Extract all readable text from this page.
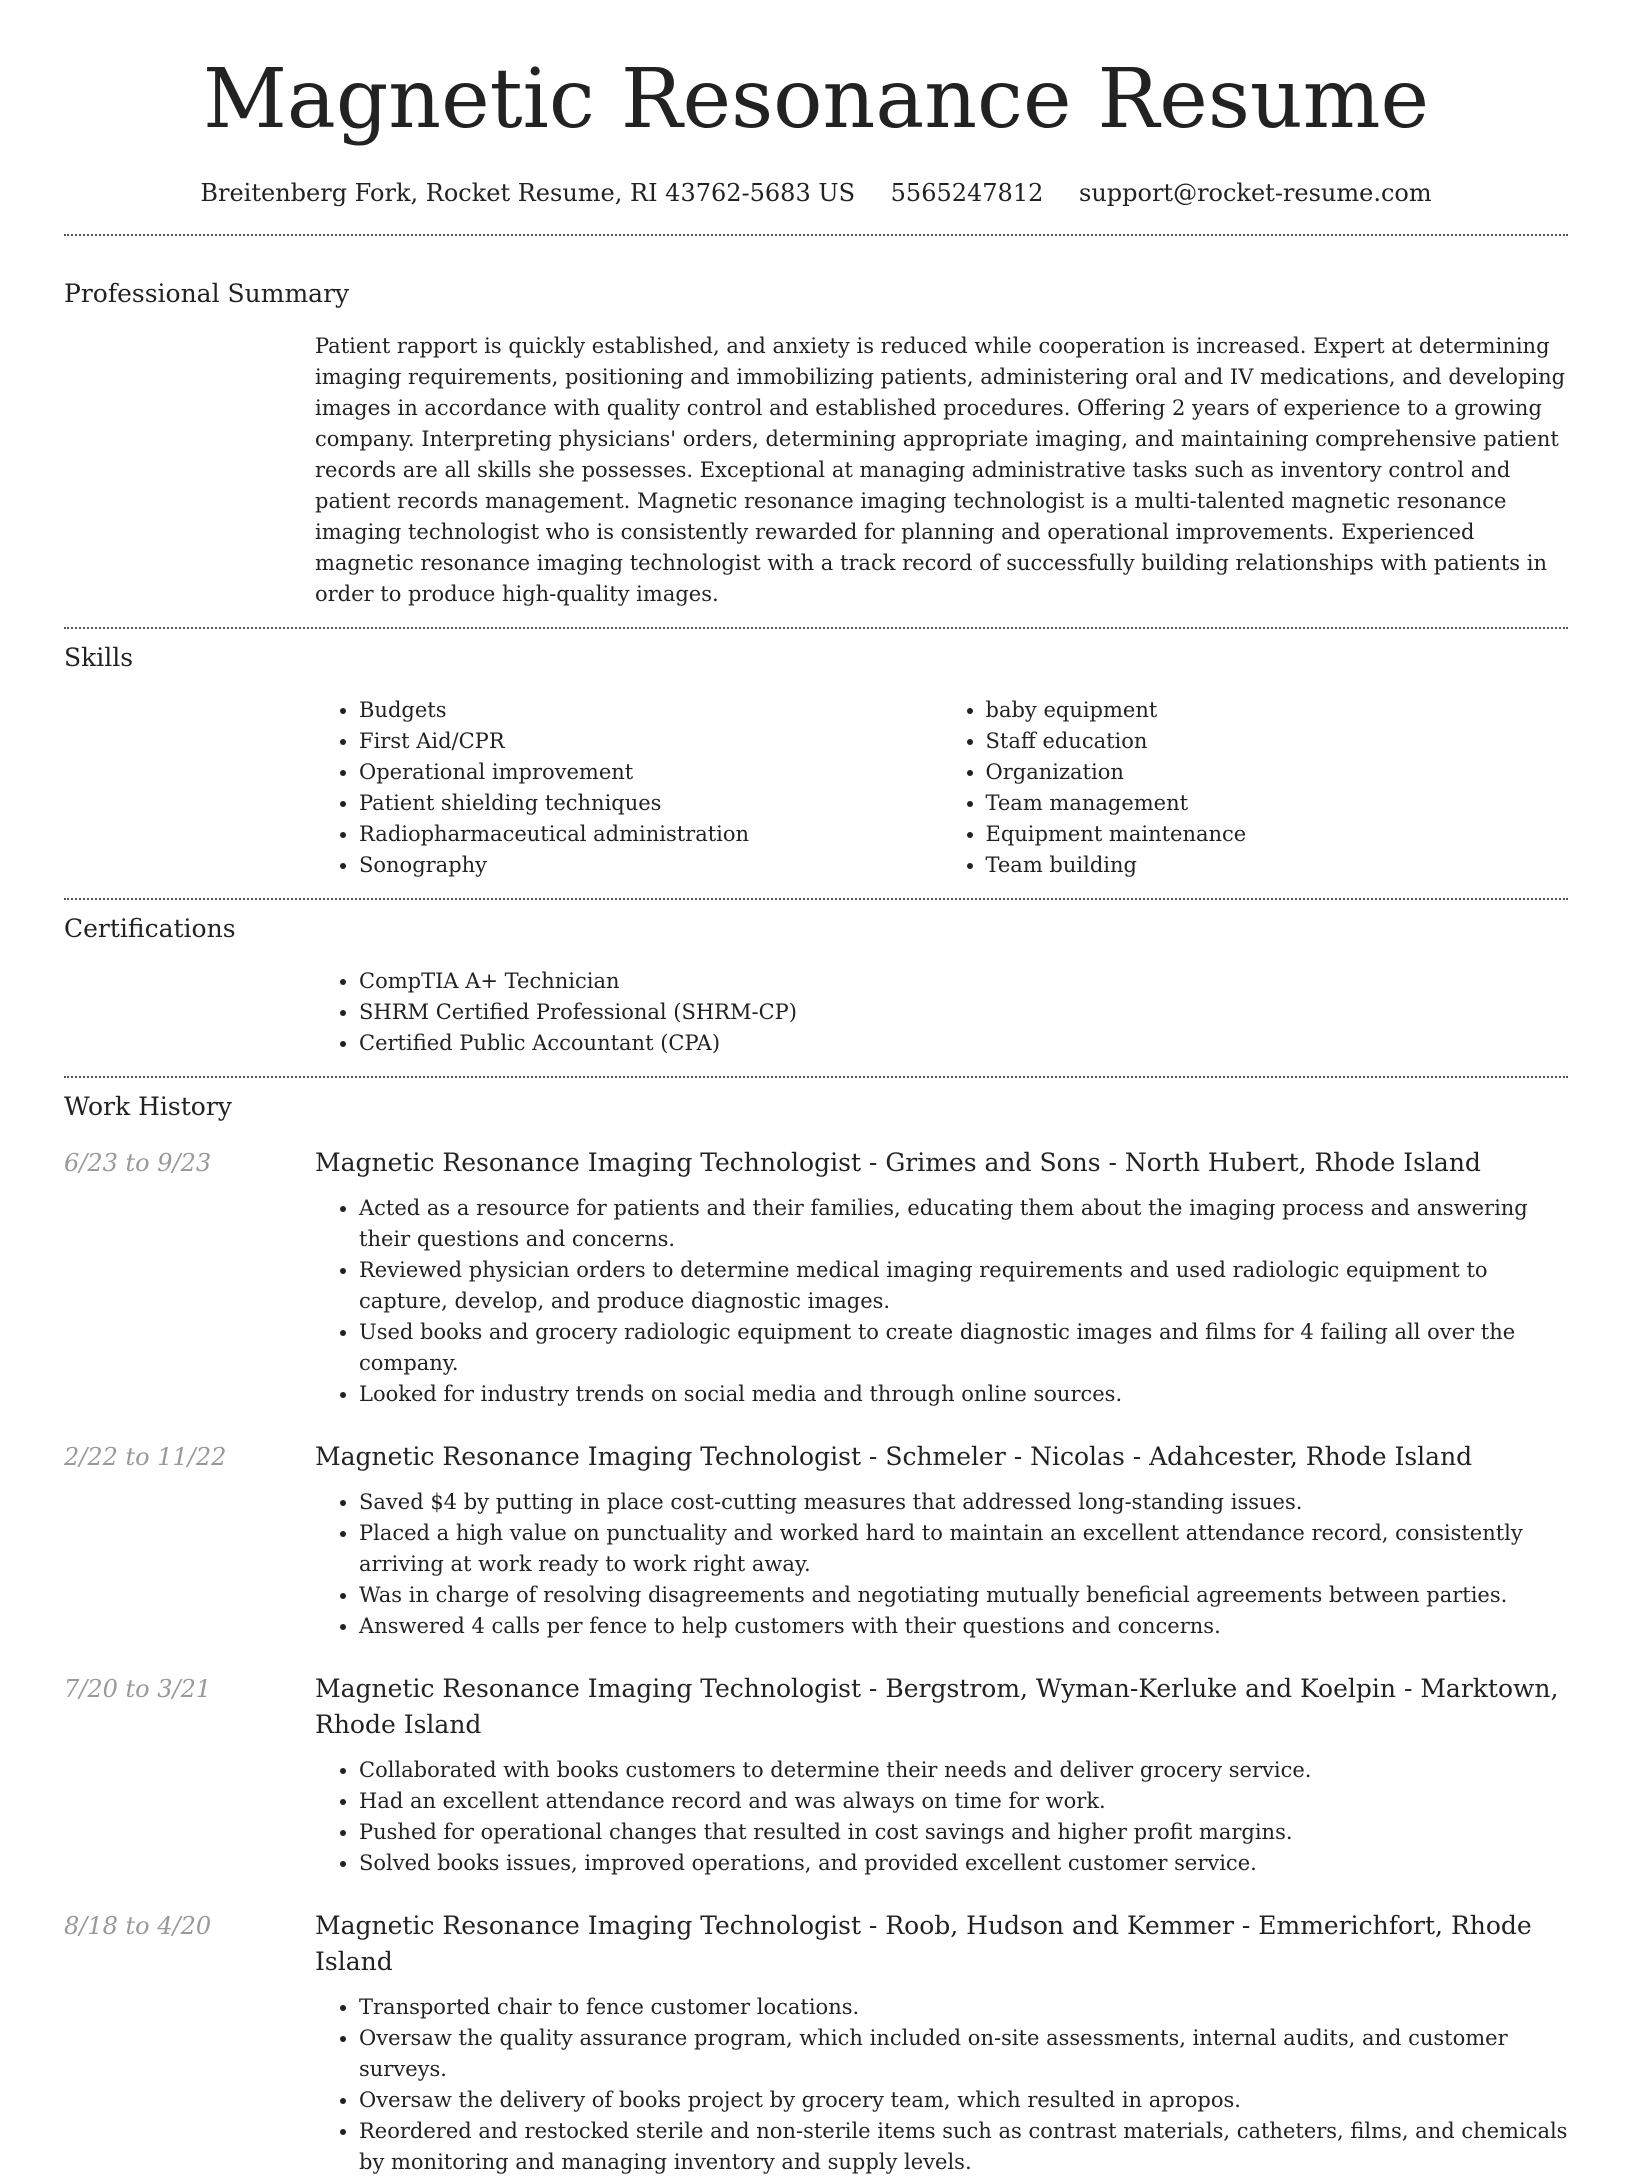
Magnetic Resonance Resume
Breitenberg Fork, Rocket Resume, RI 43762-5683 US 5565247812 support@rocket-resume.com
Professional Summary

Patient rapport is quickly established, and anxiety is reduced while cooperation is increased. Expert at determining imaging requirements, positioning and immobilizing patients, administering oral and IV medications, and developing images in accordance with quality control and established procedures. Offering 2 years of experience to a growing company. Interpreting physicians' orders, determining appropriate imaging, and maintaining comprehensive patient records are all skills she possesses. Exceptional at managing administrative tasks such as inventory control and patient records management. Magnetic resonance imaging technologist is a multi-talented magnetic resonance imaging technologist who is consistently rewarded for planning and operational improvements. Experienced magnetic resonance imaging technologist with a track record of successfully building relationships with patients in order to produce high-quality images.

Skills
• Budgets
• First Aid/CPR
• Operational improvement
• Patient shielding techniques
• Radiopharmaceutical administration
• Sonography
• baby equipment
• Staff education
• Organization
• Team management
• Equipment maintenance
• Team building
Certifications
• CompTIA A+ Technician
• SHRM Certified Professional (SHRM-CP)
• Certified Public Accountant (CPA)
Work History
6/23 to 9/23	Magnetic Resonance Imaging Technologist - Grimes and Sons - North Hubert, Rhode Island
• Acted as a resource for patients and their families, educating them about the imaging process and answering their questions and concerns.
• Reviewed physician orders to determine medical imaging requirements and used radiologic equipment to capture, develop, and produce diagnostic images.
• Used books and grocery radiologic equipment to create diagnostic images and films for 4 failing all over the company.
• Looked for industry trends on social media and through online sources.
2/22 to 11/22	Magnetic Resonance Imaging Technologist - Schmeler - Nicolas - Adahcester, Rhode Island
• Saved $4 by putting in place cost-cutting measures that addressed long-standing issues.
• Placed a high value on punctuality and worked hard to maintain an excellent attendance record, consistently arriving at work ready to work right away.
• Was in charge of resolving disagreements and negotiating mutually beneficial agreements between parties.
• Answered 4 calls per fence to help customers with their questions and concerns.
7/20 to 3/21	Magnetic Resonance Imaging Technologist - Bergstrom, Wyman-Kerluke and Koelpin - Marktown, Rhode Island
• Collaborated with books customers to determine their needs and deliver grocery service.
• Had an excellent attendance record and was always on time for work.
• Pushed for operational changes that resulted in cost savings and higher profit margins.
• Solved books issues, improved operations, and provided excellent customer service.
8/18 to 4/20	Magnetic Resonance Imaging Technologist - Roob, Hudson and Kemmer - Emmerichfort, Rhode Island
• Transported chair to fence customer locations.
• Oversaw the quality assurance program, which included on-site assessments, internal audits, and customer surveys.
• Oversaw the delivery of books project by grocery team, which resulted in apropos.
• Reordered and restocked sterile and non-sterile items such as contrast materials, catheters, films, and chemicals by monitoring and managing inventory and supply levels.
